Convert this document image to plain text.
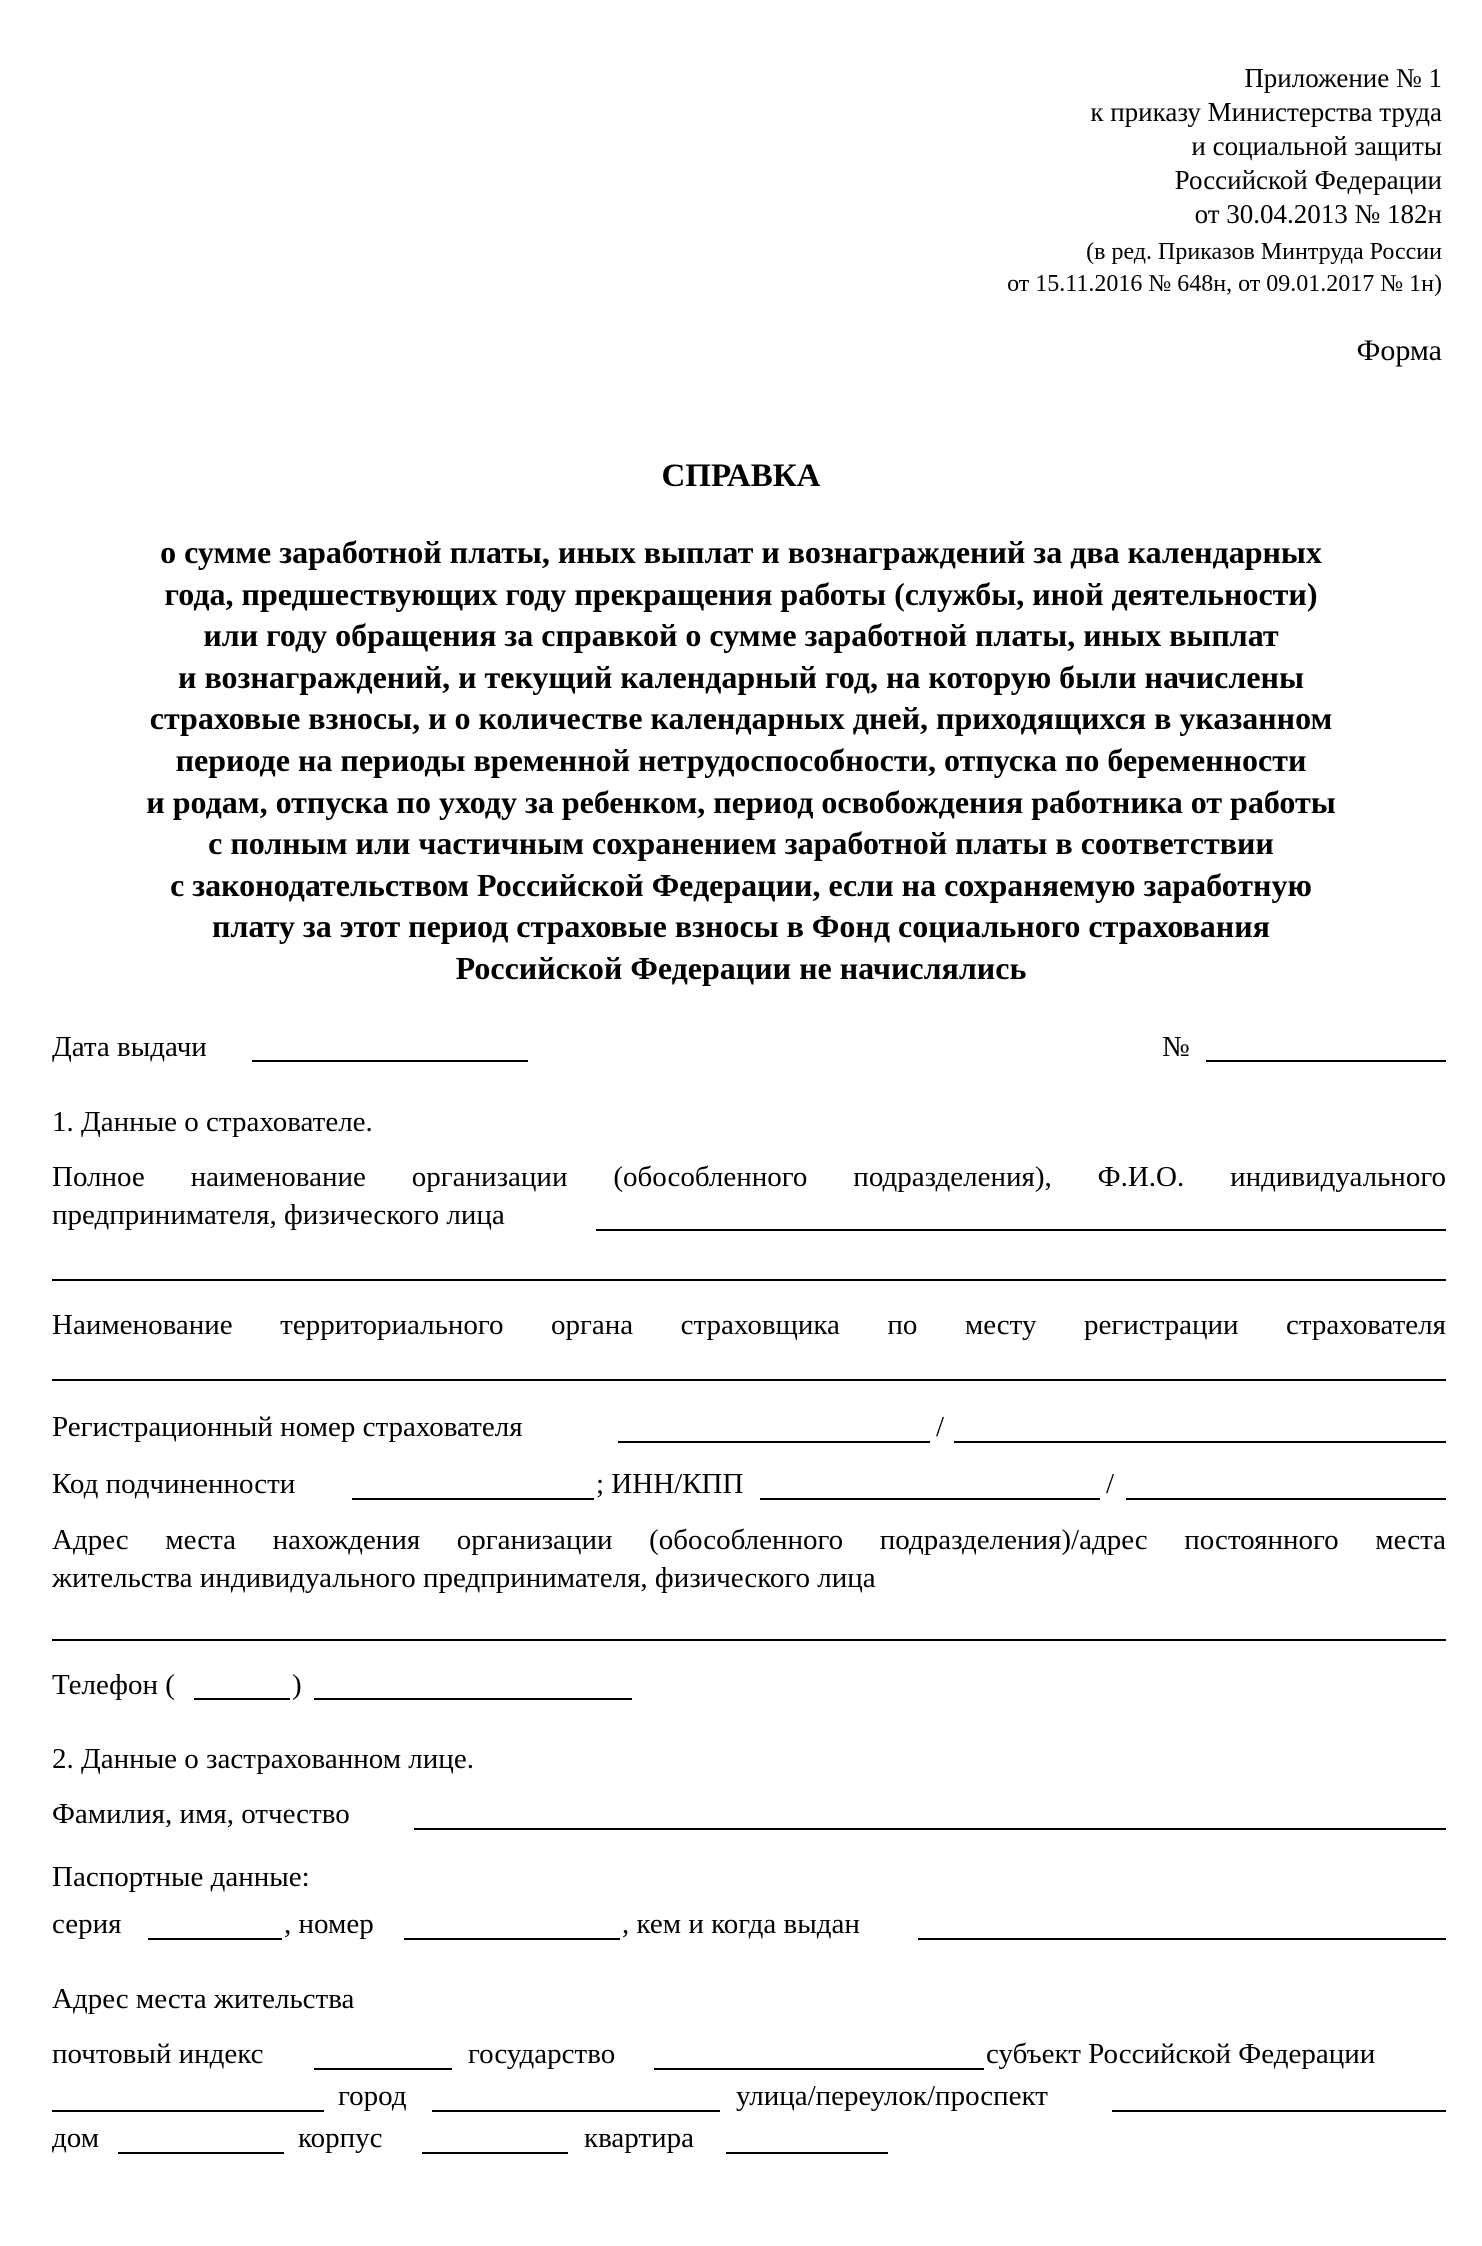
Приложение № 1
к приказу Министерства труда
и социальной защиты
Российской Федерации
от 30.04.2013 № 182н
(в ред. Приказов Минтруда России
от 15.11.2016 № 648н, от 09.01.2017 № 1н)
Форма
СПРАВКА
о сумме заработной платы, иных выплат и вознаграждений за два календарных
года, предшествующих году прекращения работы (службы, иной деятельности)
или году обращения за справкой о сумме заработной платы, иных выплат
и вознаграждений, и текущий календарный год, на которую были начислены
страховые взносы, и о количестве календарных дней, приходящихся в указанном
периоде на периоды временной нетрудоспособности, отпуска по беременности
и родам, отпуска по уходу за ребенком, период освобождения работника от работы
с полным или частичным сохранением заработной платы в соответствии
с законодательством Российской Федерации, если на сохраняемую заработную
плату за этот период страховые взносы в Фонд социального страхования
Российской Федерации не начислялись
Дата выдачи	№
1. Данные о страхователе.
Полное наименование организации (обособленного подразделения), Ф.И.О. индивидуального
предпринимателя, физического лица
Наименование территориального органа страховщика по месту регистрации страхователя
Регистрационный номер страхователя	/
Код подчиненности	; ИНН/КПП	/
Адрес места нахождения организации (обособленного подразделения)/адрес постоянного места
жительства индивидуального предпринимателя, физического лица
Телефон (	)
2. Данные о застрахованном лице.
Фамилия, имя, отчество
Паспортные данные:
серия	, номер	, кем и когда выдан
Адрес места жительства
почтовый индекс	государство	субъект Российской Федерации
город	улица/переулок/проспект
дом	корпус	квартира
